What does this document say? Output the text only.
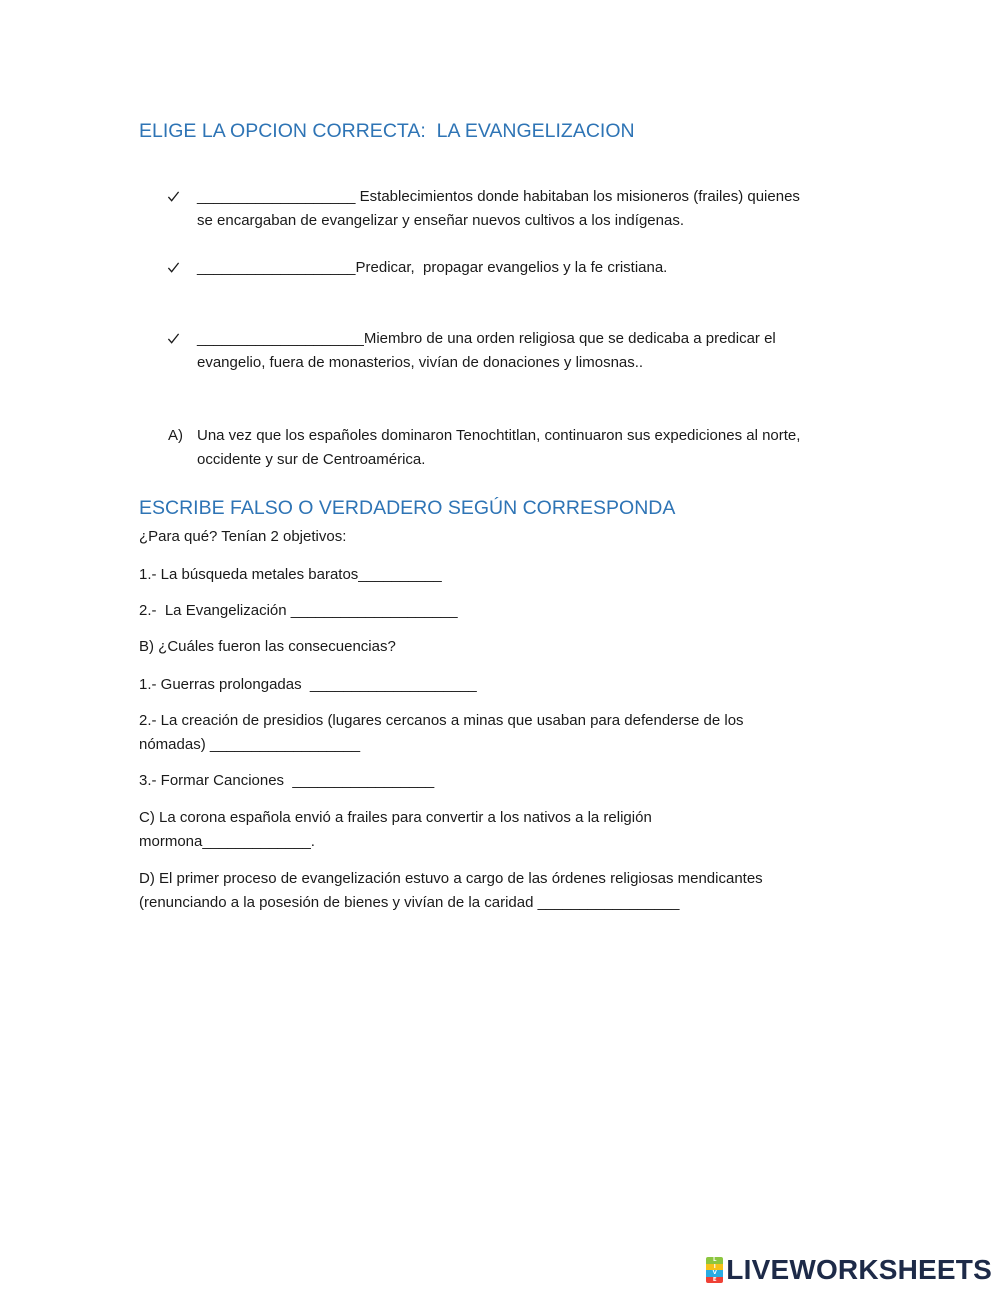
ELIGE LA OPCION CORRECTA:  LA EVANGELIZACION
___________________ Establecimientos donde habitaban los misioneros (frailes) quienes
se encargaban de evangelizar y enseñar nuevos cultivos a los indígenas.
___________________Predicar,  propagar evangelios y la fe cristiana.
____________________Miembro de una orden religiosa que se dedicaba a predicar el
evangelio, fuera de monasterios, vivían de donaciones y limosnas..
A) Una vez que los españoles dominaron Tenochtitlan, continuaron sus expediciones al norte,
occidente y sur de Centroamérica.
ESCRIBE FALSO O VERDADERO SEGÚN CORRESPONDA
¿Para qué? Tenían 2 objetivos:
1.- La búsqueda metales baratos__________
2.-  La Evangelización ____________________
B) ¿Cuáles fueron las consecuencias?
1.- Guerras prolongadas  ____________________
2.- La creación de presidios (lugares cercanos a minas que usaban para defenderse de los
nómadas) __________________
3.- Formar Canciones  _________________
C) La corona española envió a frailes para convertir a los nativos a la religión
mormona_____________.
D) El primer proceso de evangelización estuvo a cargo de las órdenes religiosas mendicantes
(renunciando a la posesión de bienes y vivían de la caridad _________________
L
I
V
E LIVEWORKSHEETS
